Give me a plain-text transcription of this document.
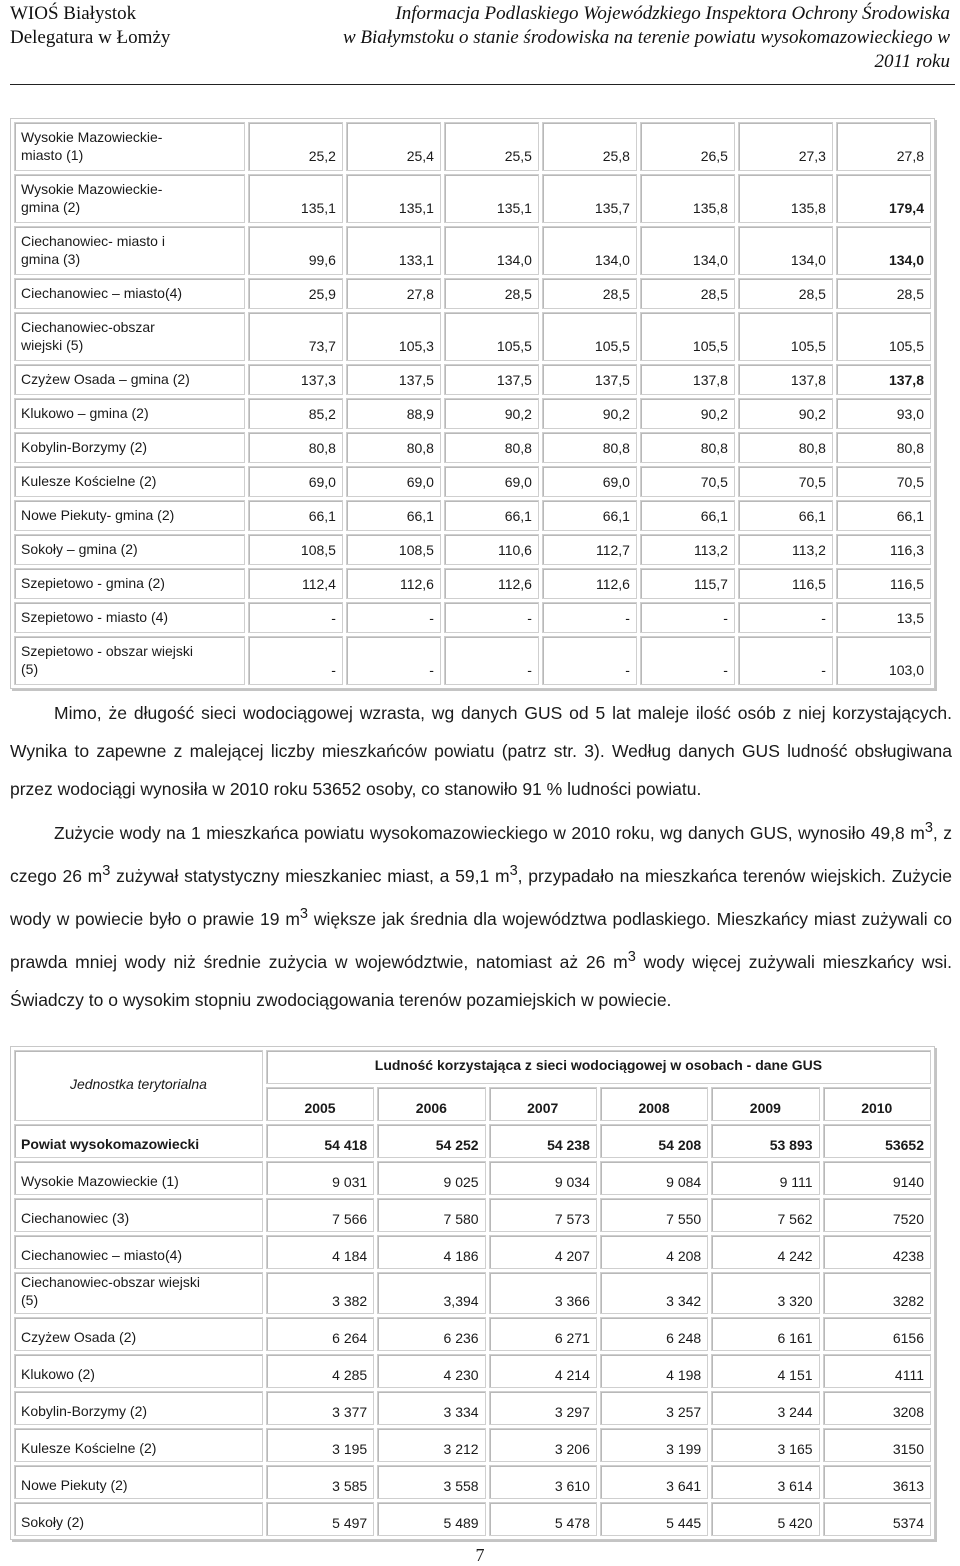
WIOŚ Białystok
Delegatura w Łomży
Informacja Podlaskiego Wojewódzkiego Inspektora Ochrony Środowiska
w Białymstoku o stanie środowiska na terenie powiatu wysokomazowieckiego w
2011 roku
Wysokie Mazowieckie-
miasto (1)	25,2	25,4	25,5	25,8	26,5	27,3	27,8

Wysokie Mazowieckie-
gmina (2)	135,1	135,1	135,1	135,7	135,8	135,8	179,4

Ciechanowiec- miasto i
gmina (3)	99,6	133,1	134,0	134,0	134,0	134,0	134,0

Ciechanowiec – miasto(4)	25,9	27,8	28,5	28,5	28,5	28,5	28,5

Ciechanowiec-obszar
wiejski (5)	73,7	105,3	105,5	105,5	105,5	105,5	105,5

Czyżew Osada – gmina (2)	137,3	137,5	137,5	137,5	137,8	137,8	137,8

Klukowo – gmina (2)	85,2	88,9	90,2	90,2	90,2	90,2	93,0

Kobylin-Borzymy (2)	80,8	80,8	80,8	80,8	80,8	80,8	80,8

Kulesze Kościelne (2)	69,0	69,0	69,0	69,0	70,5	70,5	70,5

Nowe Piekuty- gmina (2)	66,1	66,1	66,1	66,1	66,1	66,1	66,1

Sokoły – gmina (2)	108,5	108,5	110,6	112,7	113,2	113,2	116,3

Szepietowo - gmina (2)	112,4	112,6	112,6	112,6	115,7	116,5	116,5

Szepietowo - miasto (4)	-	-	-	-	-	-	13,5

Szepietowo - obszar wiejski
(5)	-	-	-	-	-	-	103,0

Mimo, że długość sieci wodociągowej wzrasta, wg danych GUS od 5 lat maleje ilość osób z niej korzystających. Wynika to zapewne z malejącej liczby mieszkańców powiatu (patrz str. 3). Według danych GUS ludność obsługiwana przez wodociągi wynosiła w 2010 roku 53652 osoby, co stanowiło 91 % ludności powiatu.

Zużycie wody na 1 mieszkańca powiatu wysokomazowieckiego w 2010 roku, wg danych GUS, wynosiło 49,8 $m^3$, z czego 26 $m^3$ zużywał statystyczny mieszkaniec miast, a 59,1 $m^3$, przypadało na mieszkańca terenów wiejskich. Zużycie wody w powiecie było o prawie 19 $m^3$ większe jak średnia dla województwa podlaskiego. Mieszkańcy miast zużywali co prawda mniej wody niż średnie zużycia w województwie, natomiast aż 26 $m^3$ wody więcej zużywali mieszkańcy wsi. Świadczy to o wysokim stopniu zwodociągowania terenów pozamiejskich w powiecie.

Jednostka terytorialna	Ludność korzystająca z sieci wodociągowej w osobach - dane GUS					
	2005	2006	2007	2008	2009	2010

Powiat wysokomazowiecki	54 418	54 252	54 238	54 208	53 893	53652

Wysokie Mazowieckie (1)	9 031	9 025	9 034	9 084	9 111	9140

Ciechanowiec (3)	7 566	7 580	7 573	7 550	7 562	7520

Ciechanowiec – miasto(4)	4 184	4 186	4 207	4 208	4 242	4238

Ciechanowiec-obszar wiejski
(5)	3 382	3,394	3 366	3 342	3 320	3282

Czyżew Osada (2)	6 264	6 236	6 271	6 248	6 161	6156

Klukowo (2)	4 285	4 230	4 214	4 198	4 151	4111

Kobylin-Borzymy (2)	3 377	3 334	3 297	3 257	3 244	3208

Kulesze Kościelne (2)	3 195	3 212	3 206	3 199	3 165	3150

Nowe Piekuty (2)	3 585	3 558	3 610	3 641	3 614	3613

Sokoły (2)	5 497	5 489	5 478	5 445	5 420	5374
7
